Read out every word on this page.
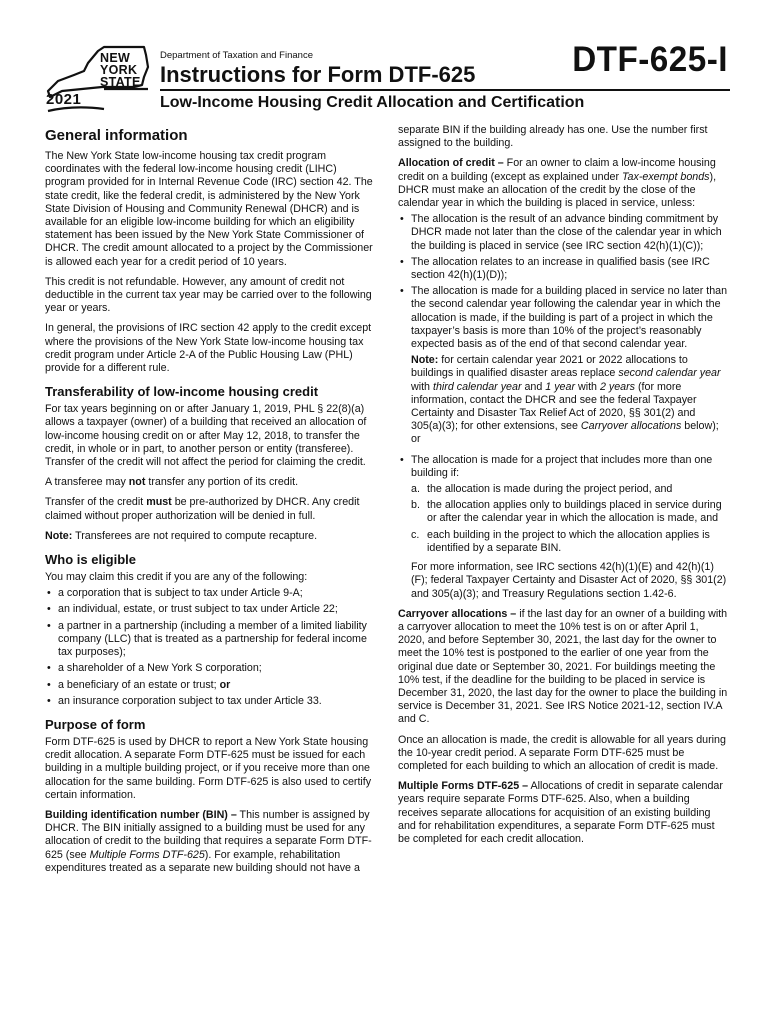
NEW
YORK
STATE
2021
Department of Taxation and Finance	DTF-625-I
Instructions for Form DTF-625
Low-Income Housing Credit Allocation and Certification
General information

The New York State low-income housing tax credit program coordinates with the federal low-income housing credit (LIHC) program provided for in Internal Revenue Code (IRC) section 42. The state credit, like the federal credit, is administered by the New York State Division of Housing and Community Renewal (DHCR) and is available for an eligible low-income building for which an eligibility statement has been issued by the New York State Commissioner of DHCR. The credit amount allocated to a project by the Commissioner is allowed each year for a credit period of 10 years.

This credit is not refundable. However, any amount of credit not deductible in the current tax year may be carried over to the following year or years.

In general, the provisions of IRC section 42 apply to the credit except where the provisions of the New York State low-income housing tax credit program under Article 2-A of the Public Housing Law (PHL) provide for a different rule.

Transferability of low-income housing credit

For tax years beginning on or after January 1, 2019, PHL § 22(8)(a) allows a taxpayer (owner) of a building that received an allocation of low-income housing credit on or after May 12, 2018, to transfer the credit, in whole or in part, to another person or entity (transferee). Transfer of the credit will not affect the period for claiming the credit.

A transferee may not transfer any portion of its credit.

Transfer of the credit must be pre-authorized by DHCR. Any credit claimed without proper authorization will be denied in full.

Note: Transferees are not required to compute recapture.

Who is eligible

You may claim this credit if you are any of the following:

• a corporation that is subject to tax under Article 9-A;
• an individual, estate, or trust subject to tax under Article 22;
• a partner in a partnership (including a member of a limited liability company (LLC) that is treated as a partnership for federal income tax purposes);
• a shareholder of a New York S corporation;
• a beneficiary of an estate or trust; or
• an insurance corporation subject to tax under Article 33.
Purpose of form

Form DTF-625 is used by DHCR to report a New York State housing credit allocation. A separate Form DTF-625 must be issued for each building in a multiple building project, or if you receive more than one allocation for the same building. Form DTF-625 is also used to certify certain information.

Building identification number (BIN) – This number is assigned by DHCR. The BIN initially assigned to a building must be used for any allocation of credit to the building that requires a separate Form DTF-625 (see Multiple Forms DTF-625). For example, rehabilitation expenditures treated as a separate new building should not have a

separate BIN if the building already has one. Use the number first assigned to the building.

Allocation of credit – For an owner to claim a low-income housing credit on a building (except as explained under Tax-exempt bonds), DHCR must make an allocation of the credit by the close of the calendar year in which the building is placed in service, unless:

• The allocation is the result of an advance binding commitment by DHCR made not later than the close of the calendar year in which the building is placed in service (see IRC section 42(h)(1)(C));
• The allocation relates to an increase in qualified basis (see IRC section 42(h)(1)(D));
• The allocation is made for a building placed in service no later than the second calendar year following the calendar year in which the allocation is made, if the building is part of a project in which the taxpayer’s basis is more than 10% of the project’s reasonably expected basis as of the end of that second calendar year.

Note: for certain calendar year 2021 or 2022 allocations to buildings in qualified disaster areas replace second calendar year with third calendar year and 1 year with 2 years (for more information, contact the DHCR and see the federal Taxpayer Certainty and Disaster Tax Relief Act of 2020, §§ 301(2) and 305(a)(3); for other extensions, see Carryover allocations below); or

• The allocation is made for a project that includes more than one building if:
a. the allocation is made during the project period, and
b. the allocation applies only to buildings placed in service during or after the calendar year in which the allocation is made, and
c. each building in the project to which the allocation applies is identified by a separate BIN.

For more information, see IRC sections 42(h)(1)(E) and 42(h)(1)(F); federal Taxpayer Certainty and Disaster Act of 2020, §§ 301(2) and 305(a)(3); and Treasury Regulations section 1.42-6.

Carryover allocations – if the last day for an owner of a building with a carryover allocation to meet the 10% test is on or after April 1, 2020, and before September 30, 2021, the last day for the owner to meet the 10% test is postponed to the earlier of one year from the original due date or September 30, 2021. For buildings meeting the 10% test, if the deadline for the building to be placed in service is December 31, 2020, the last day for the owner to place the building in service is December 31, 2021. See IRS Notice 2021-12, section IV.A and C.

Once an allocation is made, the credit is allowable for all years during the 10-year credit period. A separate Form DTF-625 must be completed for each building to which an allocation of credit is made.

Multiple Forms DTF-625 – Allocations of credit in separate calendar years require separate Forms DTF-625. Also, when a building receives separate allocations for acquisition of an existing building and for rehabilitation expenditures, a separate Form DTF-625 must be completed for each credit allocation.
